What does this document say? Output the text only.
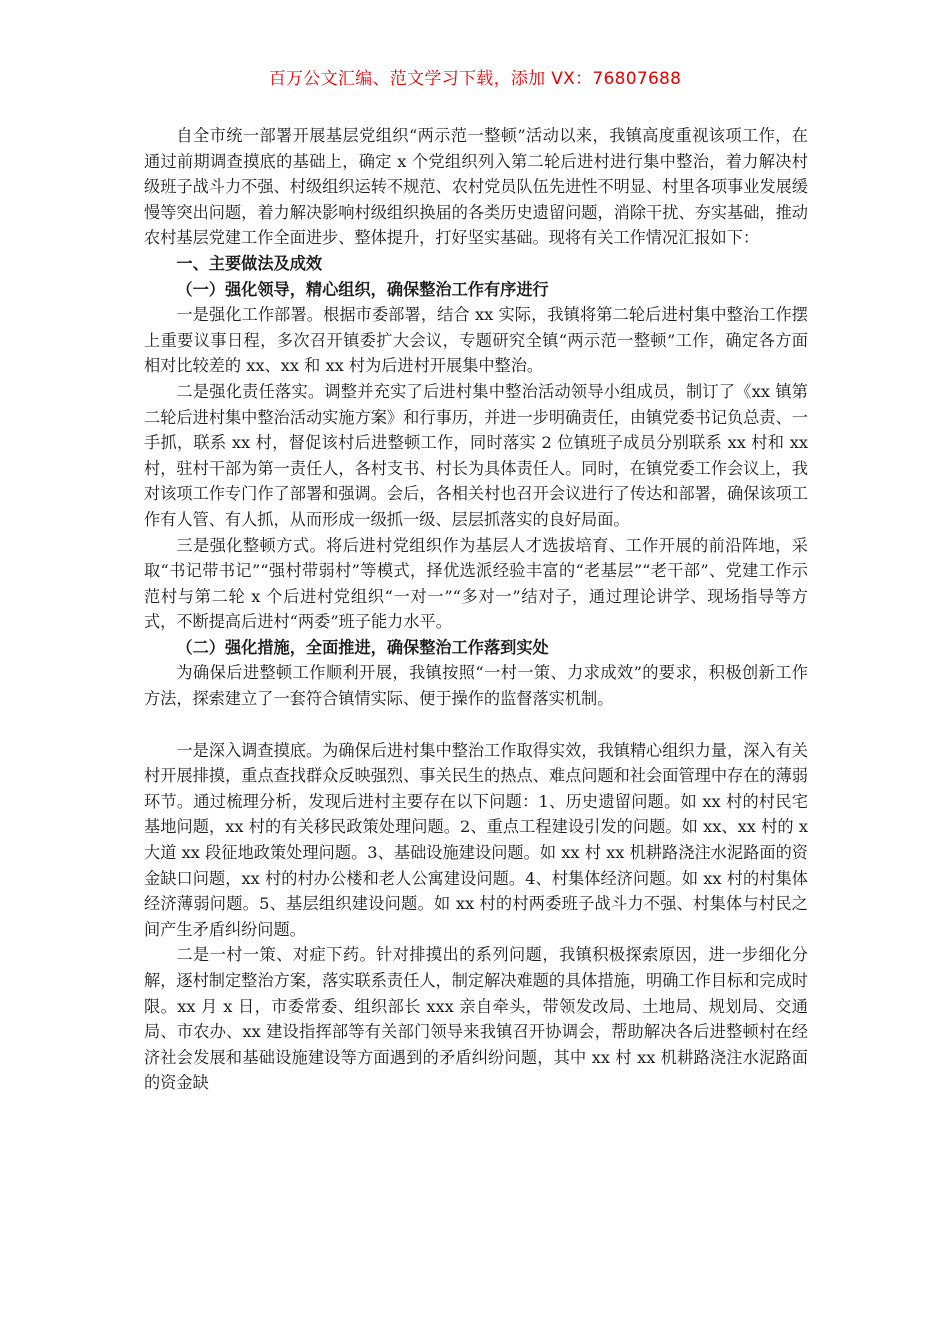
百万公文汇编、范文学习下载，添加 VX：76807688

自全市统一部署开展基层党组织“两示范一整顿”活动以来，我镇高度重视该项工作，在通过前期调查摸底的基础上，确定 x 个党组织列入第二轮后进村进行集中整治，着力解决村级班子战斗力不强、村级组织运转不规范、农村党员队伍先进性不明显、村里各项事业发展缓慢等突出问题，着力解决影响村级组织换届的各类历史遗留问题，消除干扰、夯实基础，推动农村基层党建工作全面进步、整体提升，打好坚实基础。现将有关工作情况汇报如下：

一、主要做法及成效

（一）强化领导，精心组织，确保整治工作有序进行

一是强化工作部署。根据市委部署，结合 xx 实际，我镇将第二轮后进村集中整治工作摆上重要议事日程，多次召开镇委扩大会议，专题研究全镇“两示范一整顿”工作，确定各方面相对比较差的 xx、xx 和 xx 村为后进村开展集中整治。

二是强化责任落实。调整并充实了后进村集中整治活动领导小组成员，制订了《xx 镇第二轮后进村集中整治活动实施方案》和行事历，并进一步明确责任，由镇党委书记负总责、一手抓，联系 xx 村，督促该村后进整顿工作，同时落实 2 位镇班子成员分别联系 xx 村和 xx 村，驻村干部为第一责任人，各村支书、村长为具体责任人。同时，在镇党委工作会议上，我对该项工作专门作了部署和强调。会后，各相关村也召开会议进行了传达和部署，确保该项工作有人管、有人抓，从而形成一级抓一级、层层抓落实的良好局面。

三是强化整顿方式。将后进村党组织作为基层人才选拔培育、工作开展的前沿阵地，采取“书记带书记”“强村带弱村”等模式，择优选派经验丰富的“老基层”“老干部”、党建工作示范村与第二轮 x 个后进村党组织“一对一”“多对一”结对子，通过理论讲学、现场指导等方式，不断提高后进村“两委”班子能力水平。

（二）强化措施，全面推进，确保整治工作落到实处

为确保后进整顿工作顺利开展，我镇按照“一村一策、力求成效”的要求，积极创新工作方法，探索建立了一套符合镇情实际、便于操作的监督落实机制。

一是深入调查摸底。为确保后进村集中整治工作取得实效，我镇精心组织力量，深入有关村开展排摸，重点查找群众反映强烈、事关民生的热点、难点问题和社会面管理中存在的薄弱环节。通过梳理分析，发现后进村主要存在以下问题：1、历史遗留问题。如 xx 村的村民宅基地问题，xx 村的有关移民政策处理问题。2、重点工程建设引发的问题。如 xx、xx 村的 x 大道 xx 段征地政策处理问题。3、基础设施建设问题。如 xx 村 xx 机耕路浇注水泥路面的资金缺口问题，xx 村的村办公楼和老人公寓建设问题。4、村集体经济问题。如 xx 村的村集体经济薄弱问题。5、基层组织建设问题。如 xx 村的村两委班子战斗力不强、村集体与村民之间产生矛盾纠纷问题。

二是一村一策、对症下药。针对排摸出的系列问题，我镇积极探索原因，进一步细化分解，逐村制定整治方案，落实联系责任人，制定解决难题的具体措施，明确工作目标和完成时限。xx 月 x 日，市委常委、组织部长 xxx 亲自牵头，带领发改局、土地局、规划局、交通局、市农办、xx 建设指挥部等有关部门领导来我镇召开协调会，帮助解决各后进整顿村在经济社会发展和基础设施建设等方面遇到的矛盾纠纷问题，其中 xx 村 xx 机耕路浇注水泥路面的资金缺
